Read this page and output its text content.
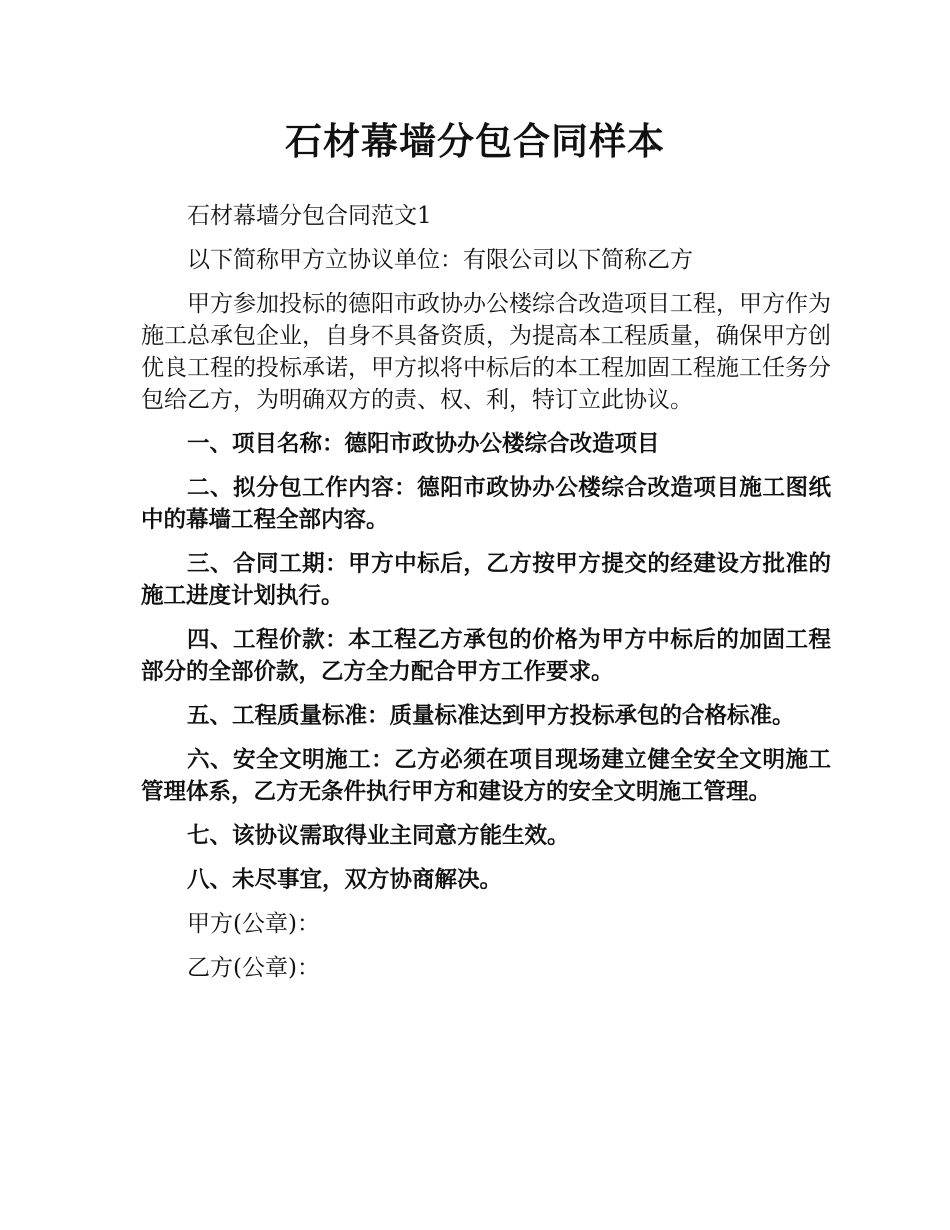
石材幕墙分包合同样本

石材幕墙分包合同范文1

以下简称甲方立协议单位：有限公司以下简称乙方

甲方参加投标的德阳市政协办公楼综合改造项目工程，甲方作为施工总承包企业，自身不具备资质，为提高本工程质量，确保甲方创优良工程的投标承诺，甲方拟将中标后的本工程加固工程施工任务分包给乙方，为明确双方的责、权、利，特订立此协议。

一、项目名称：德阳市政协办公楼综合改造项目

二、拟分包工作内容：德阳市政协办公楼综合改造项目施工图纸中的幕墙工程全部内容。

三、合同工期：甲方中标后，乙方按甲方提交的经建设方批准的施工进度计划执行。

四、工程价款：本工程乙方承包的价格为甲方中标后的加固工程部分的全部价款，乙方全力配合甲方工作要求。

五、工程质量标准：质量标准达到甲方投标承包的合格标准。

六、安全文明施工：乙方必须在项目现场建立健全安全文明施工管理体系，乙方无条件执行甲方和建设方的安全文明施工管理。

七、该协议需取得业主同意方能生效。

八、未尽事宜，双方协商解决。

甲方(公章)：

乙方(公章)：
